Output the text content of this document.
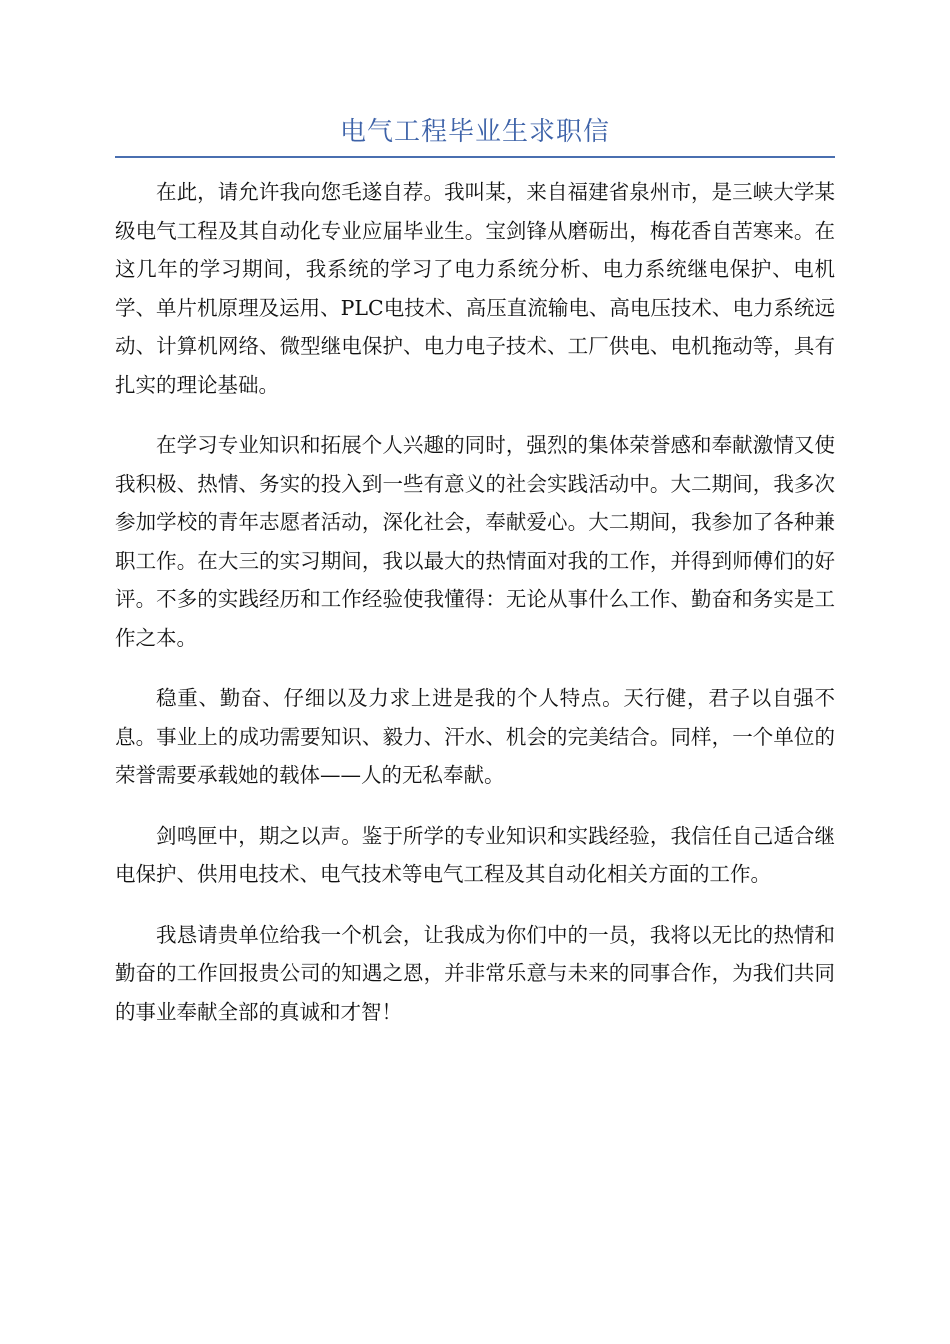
电气工程毕业生求职信

在此，请允许我向您毛遂自荐。我叫某，来自福建省泉州市，是三峡大学某级电气工程及其自动化专业应届毕业生。宝剑锋从磨砺出，梅花香自苦寒来。在这几年的学习期间，我系统的学习了电力系统分析、电力系统继电保护、电机学、单片机原理及运用、PLC电技术、高压直流输电、高电压技术、电力系统远动、计算机网络、微型继电保护、电力电子技术、工厂供电、电机拖动等，具有扎实的理论基础。

在学习专业知识和拓展个人兴趣的同时，强烈的集体荣誉感和奉献激情又使我积极、热情、务实的投入到一些有意义的社会实践活动中。大二期间，我多次参加学校的青年志愿者活动，深化社会，奉献爱心。大二期间，我参加了各种兼职工作。在大三的实习期间，我以最大的热情面对我的工作，并得到师傅们的好评。不多的实践经历和工作经验使我懂得：无论从事什么工作、勤奋和务实是工作之本。

稳重、勤奋、仔细以及力求上进是我的个人特点。天行健，君子以自强不息。事业上的成功需要知识、毅力、汗水、机会的完美结合。同样，一个单位的荣誉需要承载她的载体——人的无私奉献。

剑鸣匣中，期之以声。鉴于所学的专业知识和实践经验，我信任自己适合继电保护、供用电技术、电气技术等电气工程及其自动化相关方面的工作。

我恳请贵单位给我一个机会，让我成为你们中的一员，我将以无比的热情和勤奋的工作回报贵公司的知遇之恩，并非常乐意与未来的同事合作，为我们共同的事业奉献全部的真诚和才智！
